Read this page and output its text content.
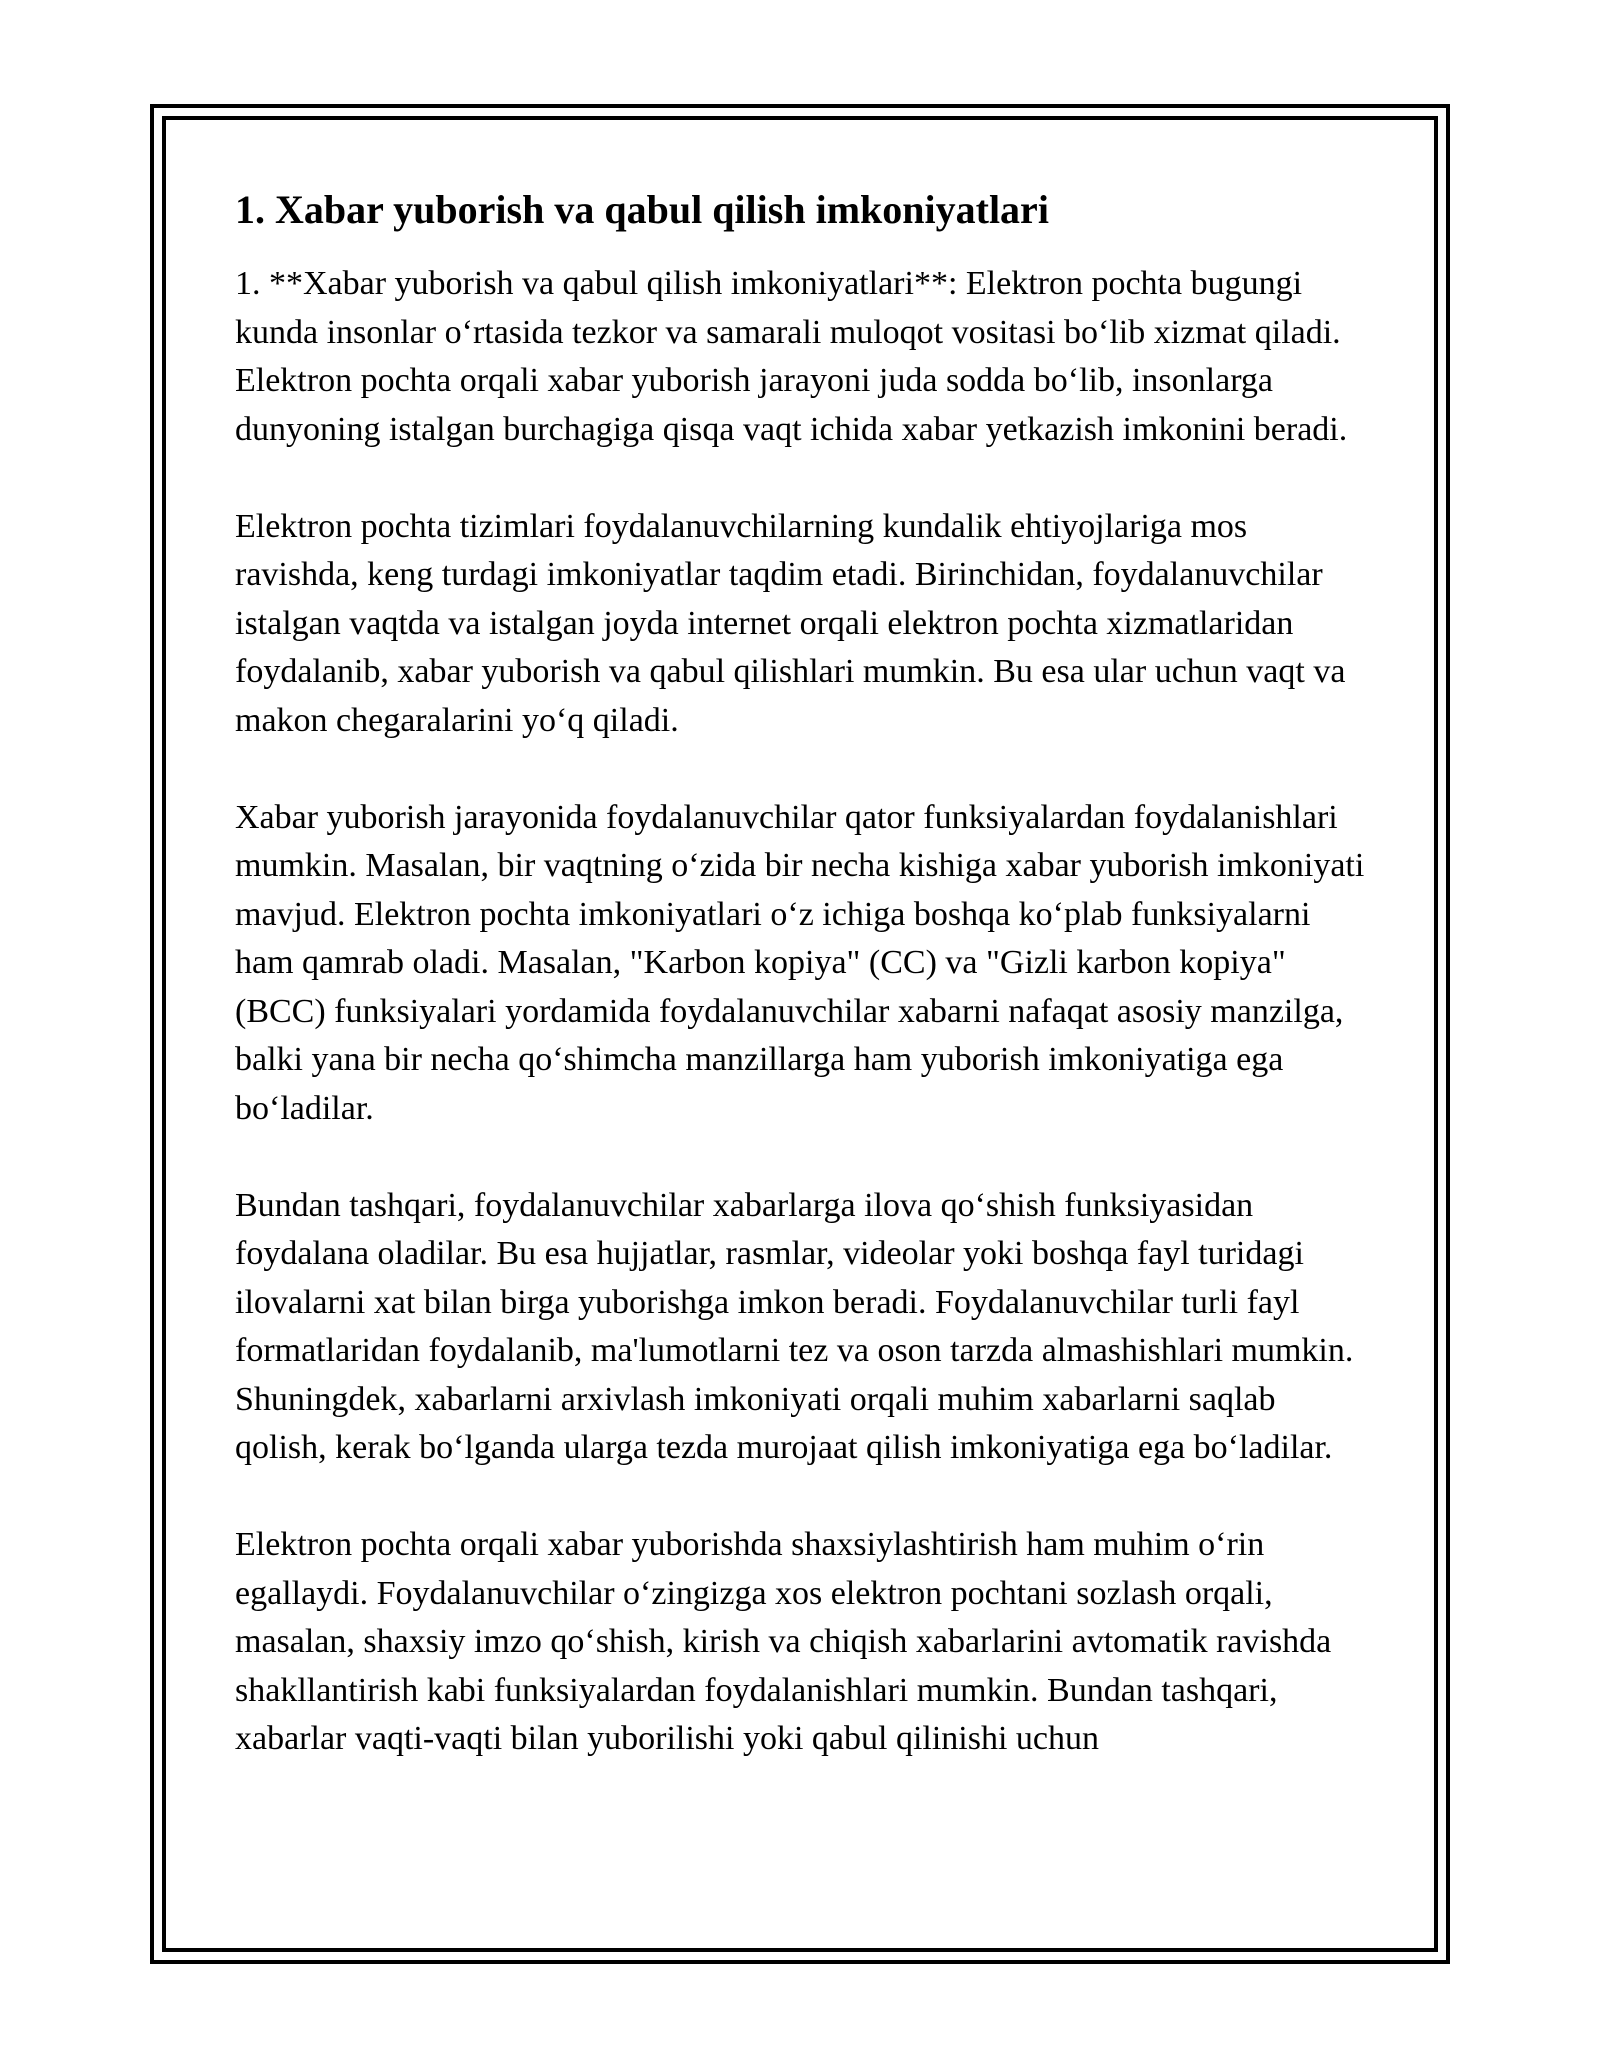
1. Xabar yuborish va qabul qilish imkoniyatlari

1. **Xabar yuborish va qabul qilish imkoniyatlari**: Elektron pochta bugungi kunda insonlar o‘rtasida tezkor va samarali muloqot vositasi bo‘lib xizmat qiladi. Elektron pochta orqali xabar yuborish jarayoni juda sodda bo‘lib, insonlarga dunyoning istalgan burchagiga qisqa vaqt ichida xabar yetkazish imkonini beradi.

Elektron pochta tizimlari foydalanuvchilarning kundalik ehtiyojlariga mos ravishda, keng turdagi imkoniyatlar taqdim etadi. Birinchidan, foydalanuvchilar istalgan vaqtda va istalgan joyda internet orqali elektron pochta xizmatlaridan foydalanib, xabar yuborish va qabul qilishlari mumkin. Bu esa ular uchun vaqt va makon chegaralarini yo‘q qiladi.

Xabar yuborish jarayonida foydalanuvchilar qator funksiyalardan foydalanishlari mumkin. Masalan, bir vaqtning o‘zida bir necha kishiga xabar yuborish imkoniyati mavjud. Elektron pochta imkoniyatlari o‘z ichiga boshqa ko‘plab funksiyalarni ham qamrab oladi. Masalan, "Karbon kopiya" (CC) va "Gizli karbon kopiya" (BCC) funksiyalari yordamida foydalanuvchilar xabarni nafaqat asosiy manzilga, balki yana bir necha qo‘shimcha manzillarga ham yuborish imkoniyatiga ega bo‘ladilar.

Bundan tashqari, foydalanuvchilar xabarlarga ilova qo‘shish funksiyasidan foydalana oladilar. Bu esa hujjatlar, rasmlar, videolar yoki boshqa fayl turidagi ilovalarni xat bilan birga yuborishga imkon beradi. Foydalanuvchilar turli fayl formatlaridan foydalanib, ma'lumotlarni tez va oson tarzda almashishlari mumkin. Shuningdek, xabarlarni arxivlash imkoniyati orqali muhim xabarlarni saqlab qolish, kerak bo‘lganda ularga tezda murojaat qilish imkoniyatiga ega bo‘ladilar.

Elektron pochta orqali xabar yuborishda shaxsiylashtirish ham muhim o‘rin egallaydi. Foydalanuvchilar o‘zingizga xos elektron pochtani sozlash orqali, masalan, shaxsiy imzo qo‘shish, kirish va chiqish xabarlarini avtomatik ravishda shakllantirish kabi funksiyalardan foydalanishlari mumkin. Bundan tashqari, xabarlar vaqti-vaqti bilan yuborilishi yoki qabul qilinishi uchun
